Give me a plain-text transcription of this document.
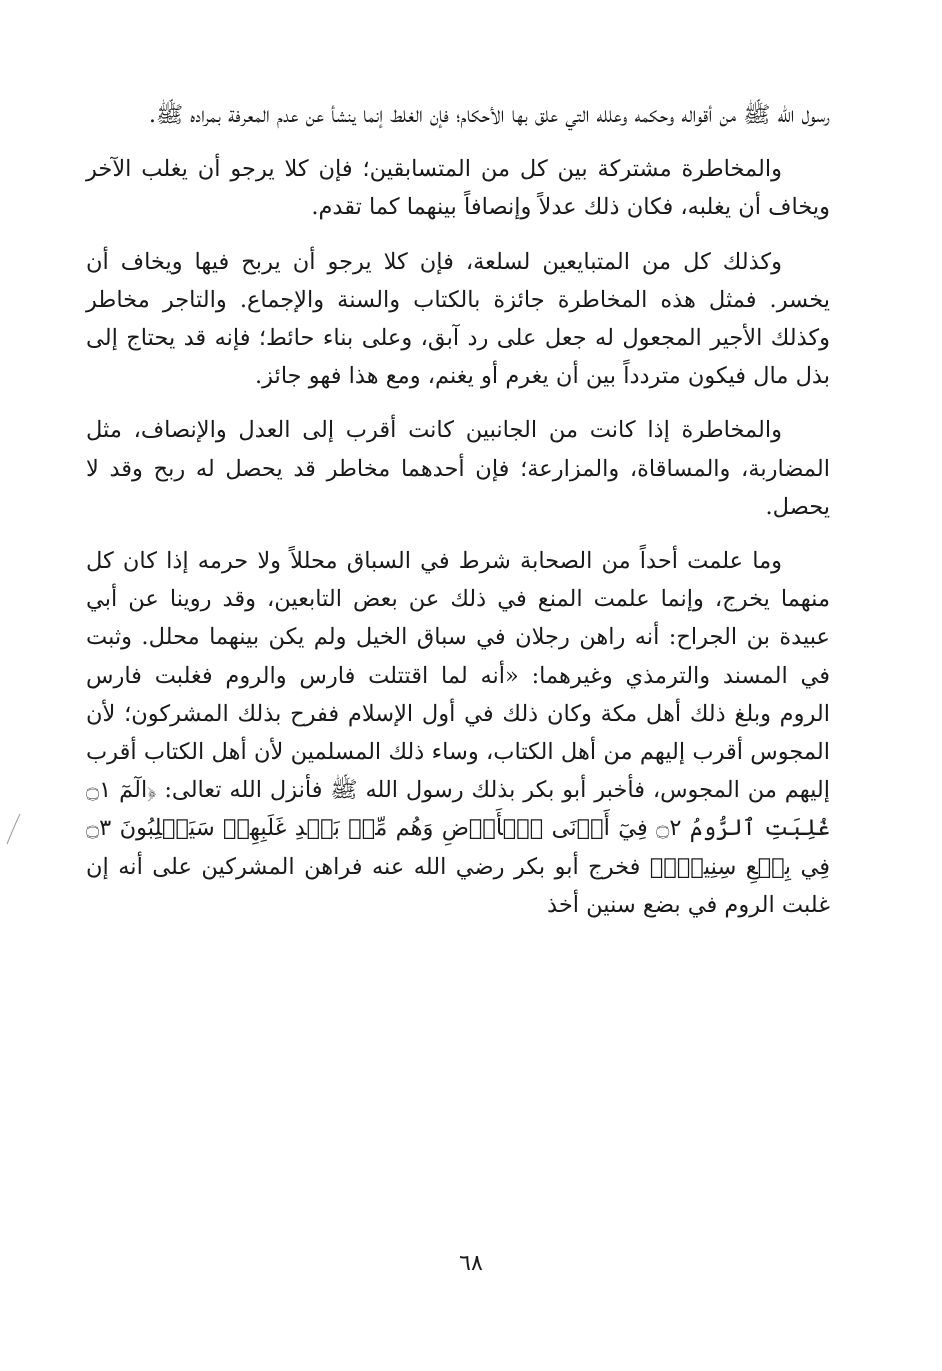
رسول الله ﷺ من أقواله وحكمه وعلله التي علق بها الأحكام؛ فإن الغلط إنما ينشأ عن عدم المعرفة بمراده ﷺ.

والمخاطرة مشتركة بين كل من المتسابقين؛ فإن كلا يرجو أن يغلب الآخر ويخاف أن يغلبه، فكان ذلك عدلاً وإنصافاً بينهما كما تقدم.

وكذلك كل من المتبايعين لسلعة، فإن كلا يرجو أن يربح فيها ويخاف أن يخسر. فمثل هذه المخاطرة جائزة بالكتاب والسنة والإجماع. والتاجر مخاطر وكذلك الأجير المجعول له جعل على رد آبق، وعلى بناء حائط؛ فإنه قد يحتاج إلى بذل مال فيكون متردداً بين أن يغرم أو يغنم، ومع هذا فهو جائز.

والمخاطرة إذا كانت من الجانبين كانت أقرب إلى العدل والإنصاف، مثل المضاربة، والمساقاة، والمزارعة؛ فإن أحدهما مخاطر قد يحصل له ربح وقد لا يحصل.

وما علمت أحداً من الصحابة شرط في السباق محللاً ولا حرمه إذا كان كل منهما يخرج، وإنما علمت المنع في ذلك عن بعض التابعين، وقد روينا عن أبي عبيدة بن الجراح: أنه راهن رجلان في سباق الخيل ولم يكن بينهما محلل. وثبت في المسند والترمذي وغيرهما: «أنه لما اقتتلت فارس والروم فغلبت فارس الروم وبلغ ذلك أهل مكة وكان ذلك في أول الإسلام ففرح بذلك المشركون؛ لأن المجوس أقرب إليهم من أهل الكتاب، وساء ذلك المسلمين لأن أهل الكتاب أقرب إليهم من المجوس، فأخبر أبو بكر بذلك رسول الله ﷺ فأنزل الله تعالى: ﴿الٓمٓ ۝١ غُلِبَتِ ٱلرُّومُ ۝٢ فِيٓ أَدۡنَى ٱلۡأَرۡضِ وَهُم مِّنۢ بَعۡدِ غَلَبِهِمۡ سَيَغۡلِبُونَ ۝٣ فِي بِضۡعِ سِنِينَۗ﴾ فخرج أبو بكر رضي الله عنه فراهن المشركين على أنه إن غلبت الروم في بضع سنين أخذ

٦٨
